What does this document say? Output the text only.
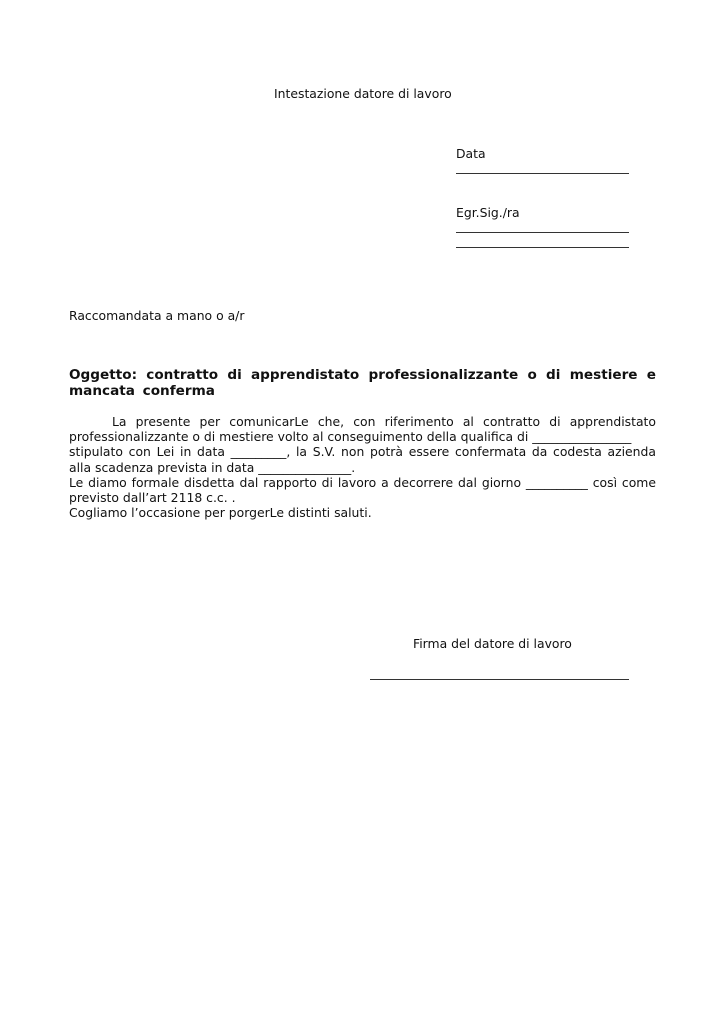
Intestazione datore di lavoro
Data
Egr.Sig./ra
Raccomandata a mano o a/r
Oggetto: contratto di apprendistato professionalizzante o di mestiere e
mancata conferma
La presente per comunicarLe che, con riferimento al contratto di apprendistato
professionalizzante o di mestiere volto al conseguimento della qualifica di ________________
stipulato con Lei in data _________, la S.V. non potrà essere confermata da codesta azienda
alla scadenza prevista in data _______________.
Le diamo formale disdetta dal rapporto di lavoro a decorrere dal giorno __________ così come
previsto dall’art 2118 c.c. .
Cogliamo l’occasione per porgerLe distinti saluti.
Firma del datore di lavoro
